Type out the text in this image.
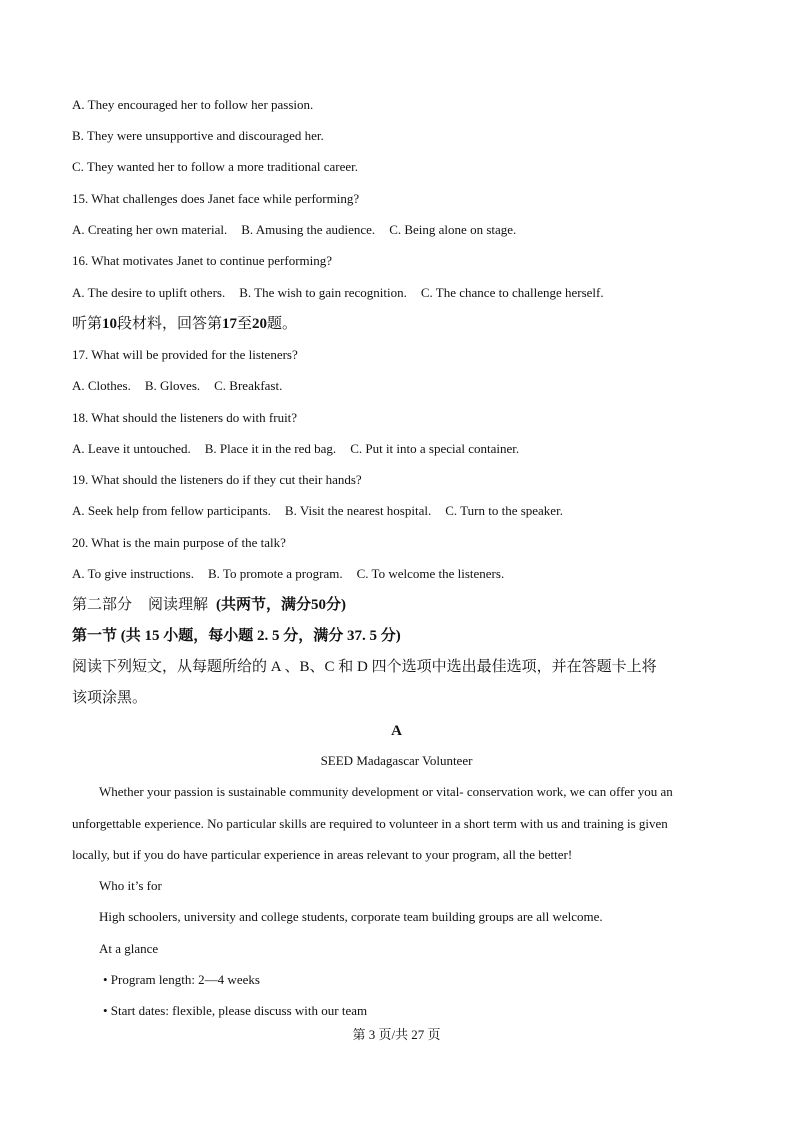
A. They encouraged her to follow her passion.
B. They were unsupportive and discouraged her.
C. They wanted her to follow a more traditional career.
15. What challenges does Janet face while performing?
A. Creating her own material. B. Amusing the audience. C. Being alone on stage.
16. What motivates Janet to continue performing?
A. The desire to uplift others. B. The wish to gain recognition. C. The chance to challenge herself.
听第10段材料，回答第17至20题。
17. What will be provided for the listeners?
A. Clothes. B. Gloves. C. Breakfast.
18. What should the listeners do with fruit?
A. Leave it untouched. B. Place it in the red bag. C. Put it into a special container.
19. What should the listeners do if they cut their hands?
A. Seek help from fellow participants. B. Visit the nearest hospital. C. Turn to the speaker.
20. What is the main purpose of the talk?
A. To give instructions. B. To promote a program. C. To welcome the listeners.
第二部分 阅读理解 (共两节，满分50分)
第一节 (共 15 小题，每小题 2. 5 分，满分 37. 5 分)
阅读下列短文，从每题所给的 A 、B、C 和 D 四个选项中选出最佳选项，并在答题卡上将
该项涂黑。
A
SEED Madagascar Volunteer
Whether your passion is sustainable community development or vital- conservation work, we can offer you an
unforgettable experience. No particular skills are required to volunteer in a short term with us and training is given
locally, but if you do have particular experience in areas relevant to your program, all the better!
Who it’s for
High schoolers, university and college students, corporate team building groups are all welcome.
At a glance
• Program length: 2—4 weeks
• Start dates: flexible, please discuss with our team
第 3 页/共 27 页
